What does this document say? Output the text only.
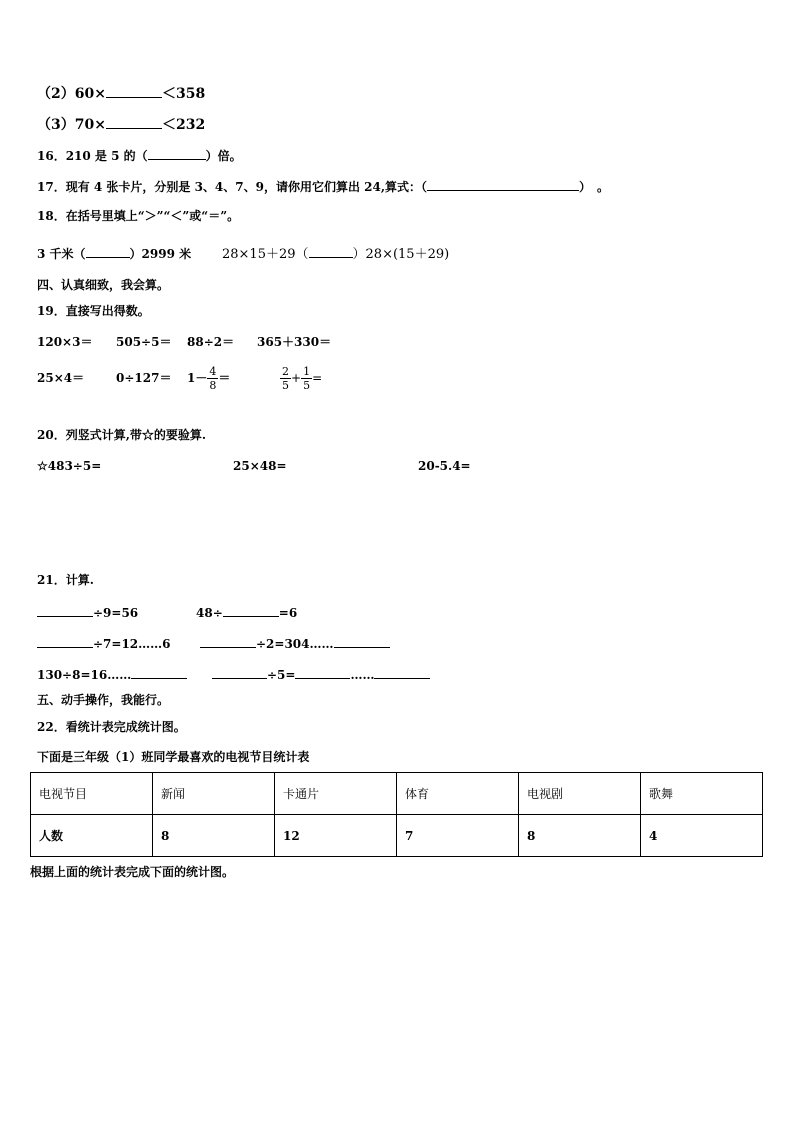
（2）60×	＜358
（3）70×	＜232
16．210 是 5 的（	）倍。
17．现有 4 张卡片，分别是 3、4、7、9，请你用它们算出 24,算式：（	）　。
18．在括号里填上“＞”“＜”或“＝”。
3 千米（	）2999 米 28×15＋29（	）28×(15＋29)
四、认真细致，我会算。
19．直接写出得数。
120×3＝ 505÷5＝ 88÷2＝ 365＋330＝
25×4＝	$0\div 127= 1- \frac{4}{8}$ ＝	$\frac{2}{5} + \frac{1}{5}$ =
20．列竖式计算,带☆的要验算.
☆483÷5=	25×48=	20-5.4=
21．计算.
÷9=56	48÷	=6
÷7=12……6	÷2=304……
130÷8=16……	÷5=	……
五、动手操作，我能行。
22．看统计表完成统计图。
下面是三年级（1）班同学最喜欢的电视节目统计表
电视节目	新闻	卡通片	体育	电视剧	歌舞
人数	8	12	7	8	4
根据上面的统计表完成下面的统计图。
